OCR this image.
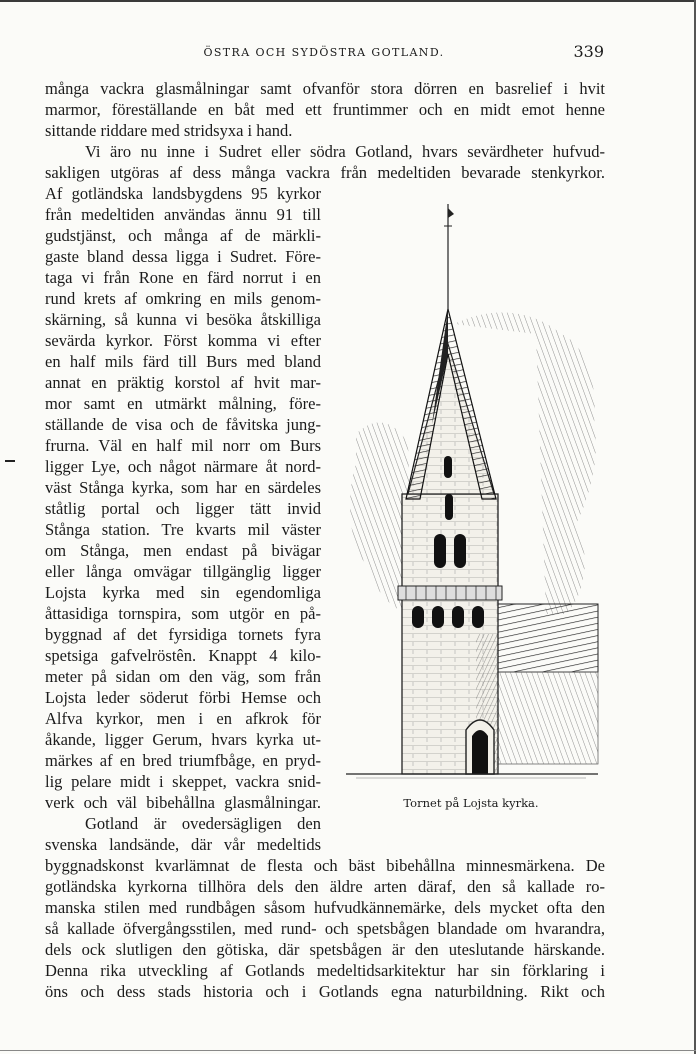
ÖSTRA OCH SYDÖSTRA GOTLAND.	339
många vackra glasmålningar samt ofvanför stora dörren en basrelief i hvit
marmor, föreställande en båt med ett fruntimmer och en midt emot henne
sittande riddare med stridsyxa i hand.
Vi äro nu inne i Sudret eller södra Gotland, hvars sevärdheter hufvud-
sakligen utgöras af dess många vackra från medeltiden bevarade stenkyrkor.
Af gotländska landsbygdens 95 kyrkor
från medeltiden användas ännu 91 till
gudstjänst, och många af de märkli-
gaste bland dessa ligga i Sudret. Före-
taga vi från Rone en färd norrut i en
rund krets af omkring en mils genom-
skärning, så kunna vi besöka åtskilliga
sevärda kyrkor. Först komma vi efter
en half mils färd till Burs med bland
annat en präktig korstol af hvit mar-
mor samt en utmärkt målning, före-
ställande de visa och de fåvitska jung-
frurna. Väl en half mil norr om Burs
ligger Lye, och något närmare åt nord-
väst Stånga kyrka, som har en särdeles
ståtlig portal och ligger tätt invid
Stånga station. Tre kvarts mil väster
om Stånga, men endast på bivägar
eller långa omvägar tillgänglig ligger
Lojsta kyrka med sin egendomliga
åttasidiga tornspira, som utgör en på-
byggnad af det fyrsidiga tornets fyra
spetsiga gafvelröstên. Knappt 4 kilo-
meter på sidan om den väg, som från
Lojsta leder söderut förbi Hemse och
Alfva kyrkor, men i en afkrok för
åkande, ligger Gerum, hvars kyrka ut-
märkes af en bred triumfbåge, en pryd-
lig pelare midt i skeppet, vackra snid-
verk och väl bibehållna glasmålningar.
Gotland är ovedersägligen den
svenska landsände, där vår medeltids
byggnadskonst kvarlämnat de flesta och bäst bibehållna minnesmärkena. De
gotländska kyrkorna tillhöra dels den äldre arten däraf, den så kallade ro-
manska stilen med rundbågen såsom hufvudkännemärke, dels mycket ofta den
så kallade öfvergångsstilen, med rund- och spetsbågen blandade om hvarandra,
dels ock slutligen den götiska, där spetsbågen är den uteslutande härskande.
Denna rika utveckling af Gotlands medeltidsarkitektur har sin förklaring i
öns och dess stads historia och i Gotlands egna naturbildning. Rikt och
Tornet på Lojsta kyrka.
